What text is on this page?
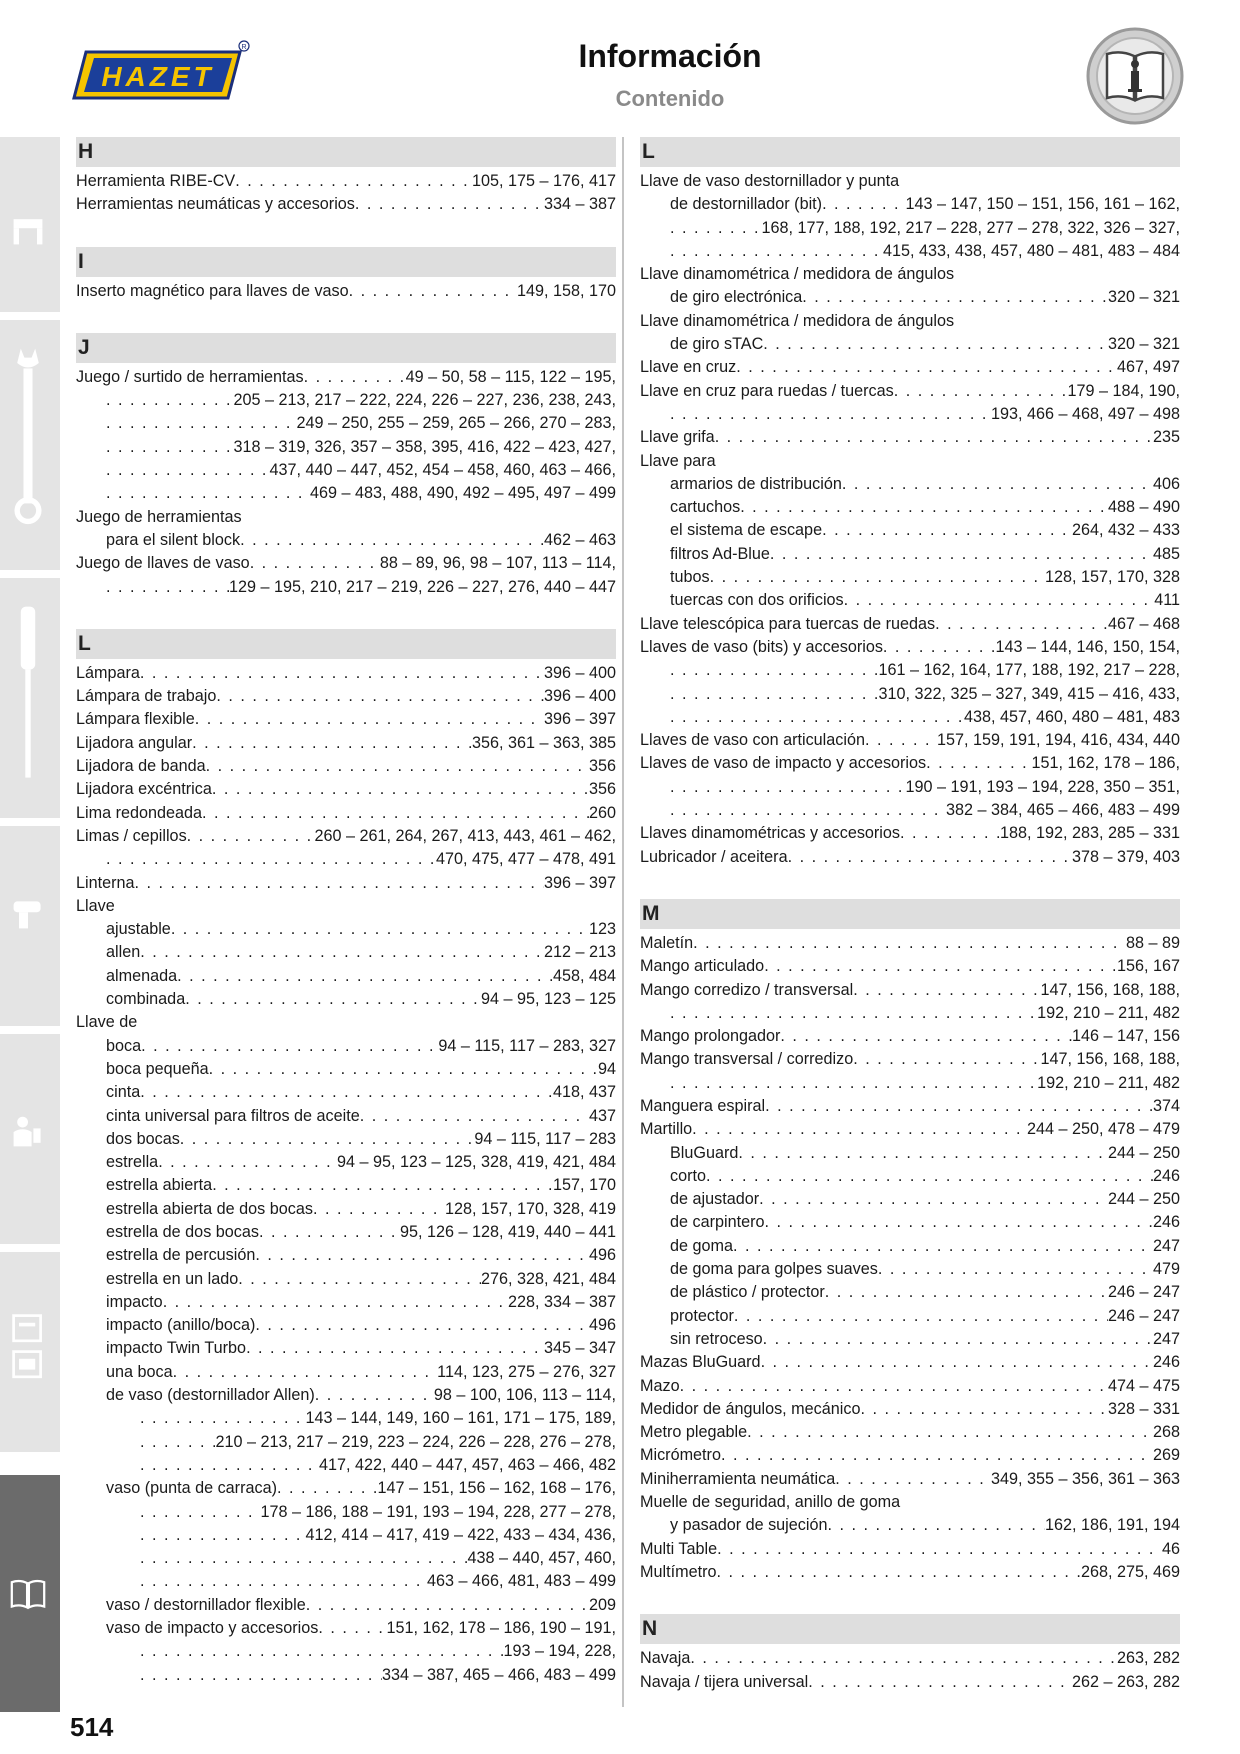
HAZET
R	Información
Contenido
H
Herramienta RIBE-CV . . .	105, 175 – 176, 417
Herramientas neumáticas y accesorios . . .	334 – 387
I
Inserto magnético para llaves de vaso . . .	149, 158, 170
J
Juego / surtido de herramientas . . .	49 – 50, 58 – 115, 122 – 195,
. . .
205 – 213, 217 – 222, 224, 226 – 227, 236, 238, 243,
. . .
249 – 250, 255 – 259, 265 – 266, 270 – 283,
. . .
318 – 319, 326, 357 – 358, 395, 416, 422 – 423, 427,
. . .
437, 440 – 447, 452, 454 – 458, 460, 463 – 466,
. . .
469 – 483, 488, 490, 492 – 495, 497 – 499
Juego de herramientas
para el silent block . . .	462 – 463
Juego de llaves de vaso . . .	88 – 89, 96, 98 – 107, 113 – 114,
. . .
129 – 195, 210, 217 – 219, 226 – 227, 276, 440 – 447
L
Lámpara . . .	396 – 400
Lámpara de trabajo . . .	396 – 400
Lámpara flexible . . .	396 – 397
Lijadora angular . . .	356, 361 – 363, 385
Lijadora de banda . . .	356
Lijadora excéntrica . . .	356
Lima redondeada . . .	260
Limas / cepillos . . .	260 – 261, 264, 267, 413, 443, 461 – 462,
. . .
470, 475, 477 – 478, 491
Linterna . . .	396 – 397
Llave
ajustable . . .	123
allen . . .	212 – 213
almenada . . .	458, 484
combinada . . .	94 – 95, 123 – 125
Llave de
boca . . .	94 – 115, 117 – 283, 327
boca pequeña . . .	94
cinta . . .	418, 437
cinta universal para filtros de aceite . . .	437
dos bocas . . .	94 – 115, 117 – 283
estrella . . .	94 – 95, 123 – 125, 328, 419, 421, 484
estrella abierta . . .	157, 170
estrella abierta de dos bocas . . .	128, 157, 170, 328, 419
estrella de dos bocas . . .	95, 126 – 128, 419, 440 – 441
estrella de percusión . . .	496
estrella en un lado . . .	276, 328, 421, 484
impacto . . .	228, 334 – 387
impacto (anillo/boca) . . .	496
impacto Twin Turbo . . .	345 – 347
una boca . . .	114, 123, 275 – 276, 327
de vaso (destornillador Allen) . . .	98 – 100, 106, 113 – 114,
. . .
143 – 144, 149, 160 – 161, 171 – 175, 189,
. . .
210 – 213, 217 – 219, 223 – 224, 226 – 228, 276 – 278,
. . .
417, 422, 440 – 447, 457, 463 – 466, 482
vaso (punta de carraca) . . .	147 – 151, 156 – 162, 168 – 176,
. . .
178 – 186, 188 – 191, 193 – 194, 228, 277 – 278,
. . .
412, 414 – 417, 419 – 422, 433 – 434, 436,
. . .
438 – 440, 457, 460,
. . .
463 – 466, 481, 483 – 499
vaso / destornillador flexible . . .	209
vaso de impacto y accesorios . . .	151, 162, 178 – 186, 190 – 191,
. . .
193 – 194, 228,
. . .
334 – 387, 465 – 466, 483 – 499
L
Llave de vaso destornillador y punta
de destornillador (bit) . . .	143 – 147, 150 – 151, 156, 161 – 162,
. . .
168, 177, 188, 192, 217 – 228, 277 – 278, 322, 326 – 327,
. . .
415, 433, 438, 457, 480 – 481, 483 – 484
Llave dinamométrica / medidora de ángulos
de giro electrónica . . .	320 – 321
Llave dinamométrica / medidora de ángulos
de giro sTAC . . .	320 – 321
Llave en cruz . . .	467, 497
Llave en cruz para ruedas / tuercas . . .	179 – 184, 190,
. . .
193, 466 – 468, 497 – 498
Llave grifa . . .	235
Llave para
armarios de distribución . . .	406
cartuchos . . .	488 – 490
el sistema de escape . . .	264, 432 – 433
filtros Ad-Blue . . .	485
tubos . . .	128, 157, 170, 328
tuercas con dos orificios . . .	411
Llave telescópica para tuercas de ruedas . . .	467 – 468
Llaves de vaso (bits) y accesorios . . .	143 – 144, 146, 150, 154,
. . .
161 – 162, 164, 177, 188, 192, 217 – 228,
. . .
310, 322, 325 – 327, 349, 415 – 416, 433,
. . .
438, 457, 460, 480 – 481, 483
Llaves de vaso con articulación . . .	157, 159, 191, 194, 416, 434, 440
Llaves de vaso de impacto y accesorios . . .	151, 162, 178 – 186,
. . .
190 – 191, 193 – 194, 228, 350 – 351,
. . .
382 – 384, 465 – 466, 483 – 499
Llaves dinamométricas y accesorios . . .	188, 192, 283, 285 – 331
Lubricador / aceitera . . .	378 – 379, 403
M
Maletín . . .	88 – 89
Mango articulado . . .	156, 167
Mango corredizo / transversal . . .	147, 156, 168, 188,
. . .
192, 210 – 211, 482
Mango prolongador . . .	146 – 147, 156
Mango transversal / corredizo . . .	147, 156, 168, 188,
. . .
192, 210 – 211, 482
Manguera espiral . . .	374
Martillo . . .	244 – 250, 478 – 479
BluGuard . . .	244 – 250
corto . . .	246
de ajustador . . .	244 – 250
de carpintero . . .	246
de goma . . .	247
de goma para golpes suaves . . .	479
de plástico / protector . . .	246 – 247
protector . . .	246 – 247
sin retroceso . . .	247
Mazas BluGuard . . .	246
Mazo . . .	474 – 475
Medidor de ángulos, mecánico . . .	328 – 331
Metro plegable . . .	268
Micrómetro . . .	269
Miniherramienta neumática . . .	349, 355 – 356, 361 – 363
Muelle de seguridad, anillo de goma
y pasador de sujeción . . .	162, 186, 191, 194
Multi Table . . .	46
Multímetro . . .	268, 275, 469
N
Navaja . . .	263, 282
Navaja / tijera universal . . .	262 – 263, 282
514
